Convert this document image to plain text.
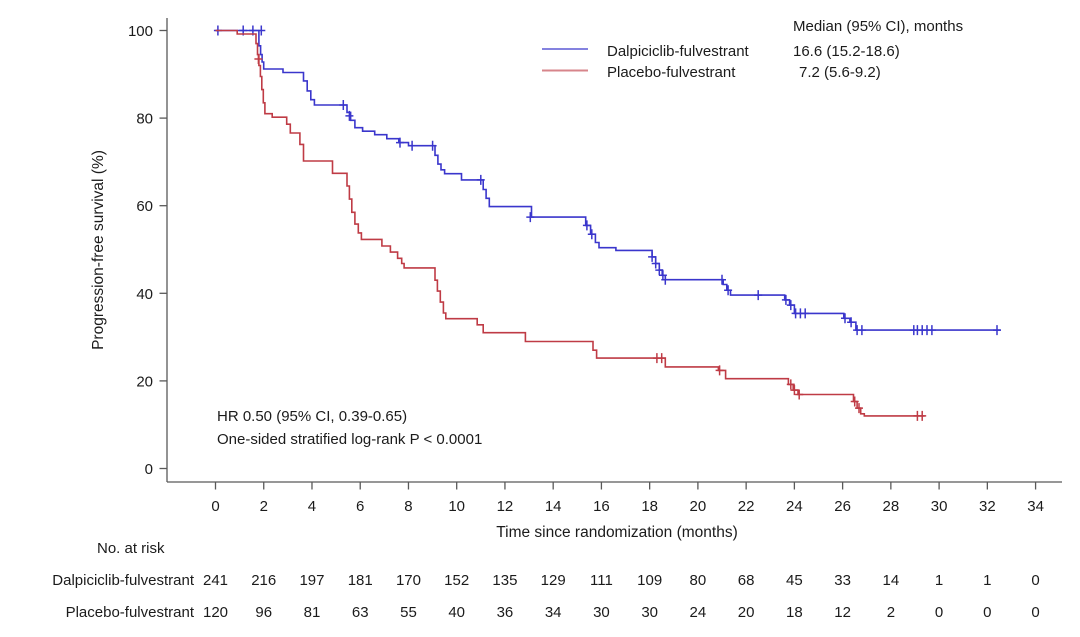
0
20
40
60
80
100
0	2	4	6	8 10 12 14 16 18 20 22 24 26 28 30 32 34
Progression-free survival (%)
Time since randomization (months)
Median (95% CI), months
Dalpiciclib-fulvestrant	16.6 (15.2-18.6)
Placebo-fulvestrant	7.2 (5.6-9.2)
HR 0.50 (95% CI, 0.39-0.65)
One-sided stratified log-rank P < 0.0001
No. at risk
Dalpiciclib-fulvestrant 241 216 197 181 170 152 135 129 111 109 80 68 45 33 14 1	1	0
Placebo-fulvestrant 120 96 81 63 55 40 36 34 30 30 24 20 18 12 2	0	0	0
